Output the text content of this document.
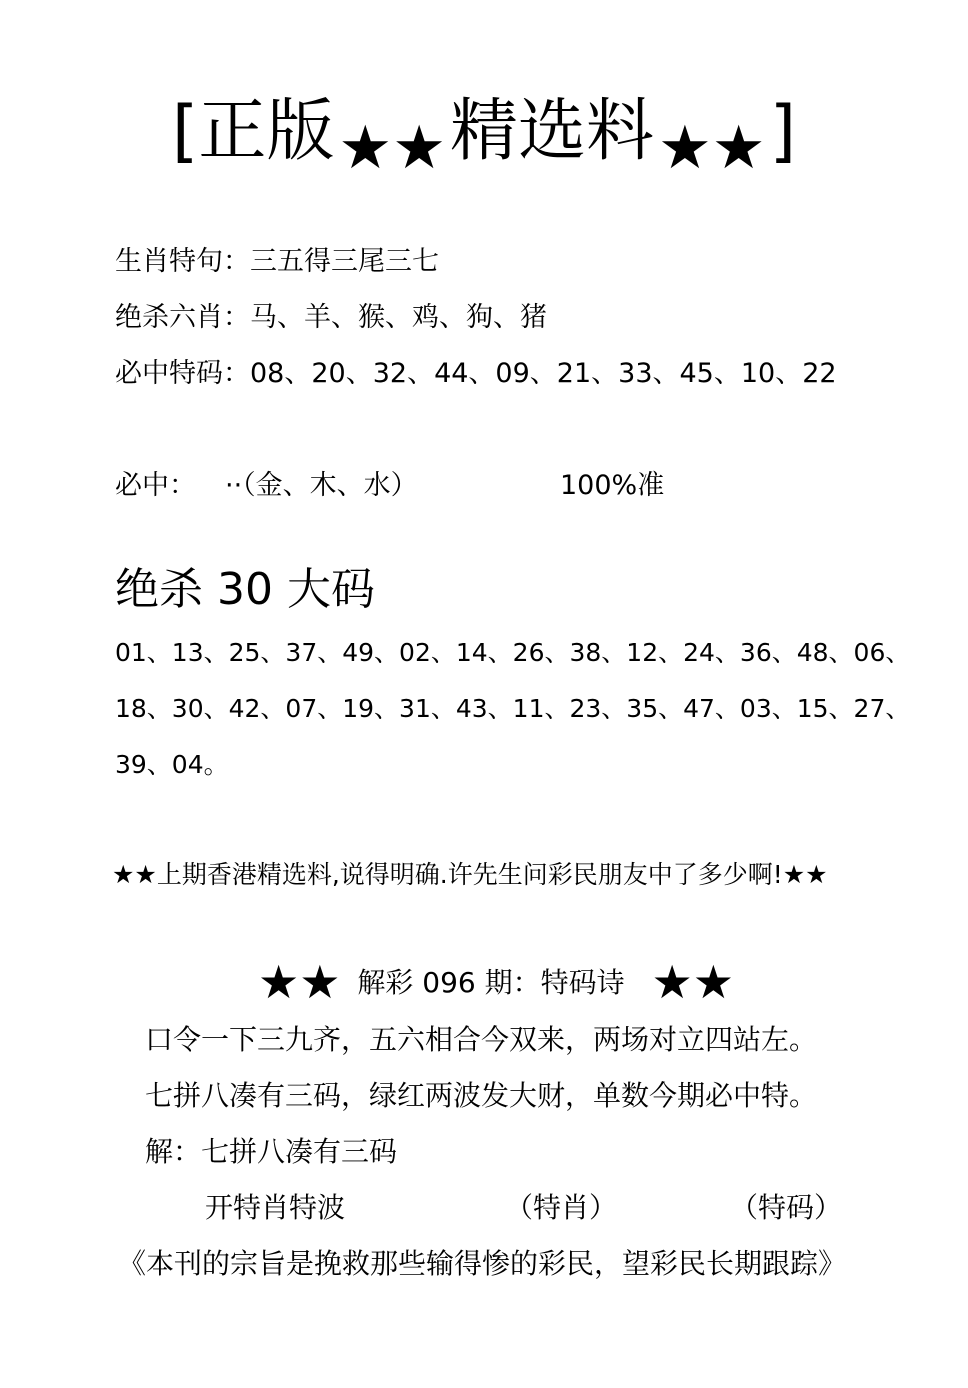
[正版★★精选料★★]
生肖特句：三五得三尾三七
绝杀六肖：马、羊、猴、鸡、狗、猪
必中特码：08、20、32、44、09、21、33、45、10、22
必中： ··（金、木、水）	100%准
绝杀 30 大码
01、13、25、37、49、02、14、26、38、12、24、36、48、06、
18、30、42、07、19、31、43、11、23、35、47、03、15、27、
39、04。
★★上期香港精选料,说得明确.许先生问彩民朋友中了多少啊!★★
★★ 解彩 096 期：特码诗 ★★
口令一下三九齐，五六相合今双来，两场对立四站左。
七拼八凑有三码，绿红两波发大财，单数今期必中特。
解：七拼八凑有三码
开特肖特波	（特肖）	（特码）
《本刊的宗旨是挽救那些输得惨的彩民，望彩民长期跟踪》
